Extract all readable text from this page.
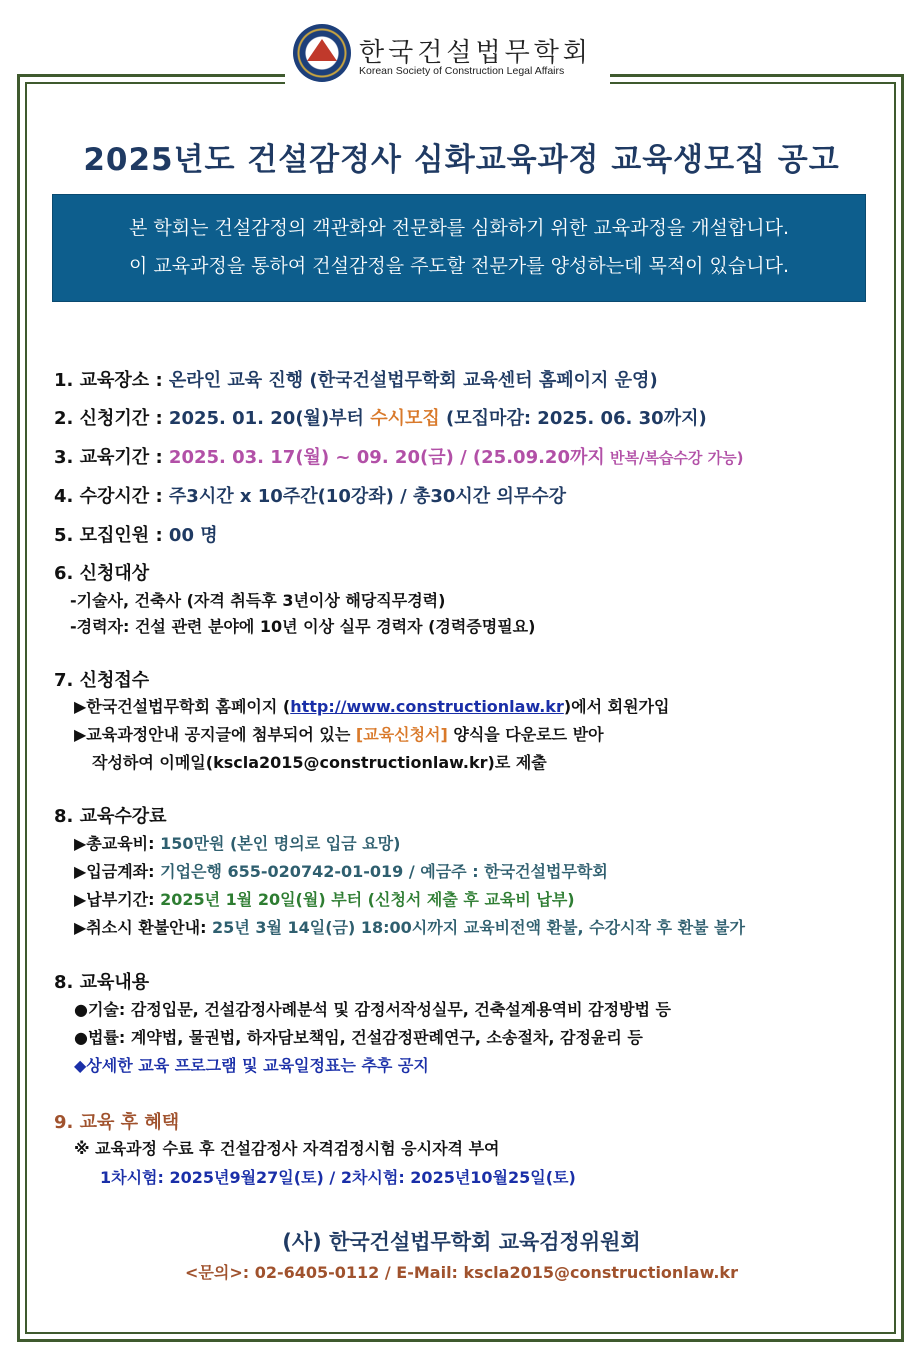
한국건설법무학회
Korean Society of Construction Legal Affairs
2025년도 건설감정사 심화교육과정 교육생모집 공고
본 학회는 건설감정의 객관화와 전문화를 심화하기 위한 교육과정을 개설합니다.
이 교육과정을 통하여 건설감정을 주도할 전문가를 양성하는데 목적이 있습니다.
1. 교육장소 : 온라인 교육 진행 (한국건설법무학회 교육센터 홈페이지 운영)
2. 신청기간 : 2025. 01. 20(월)부터 수시모집 (모집마감: 2025. 06. 30까지)
3. 교육기간 : 2025. 03. 17(월) ~ 09. 20(금) / (25.09.20까지 반복/복습수강 가능)
4. 수강시간 : 주3시간 x 10주간(10강좌) / 총30시간 의무수강
5. 모집인원 : 00 명
6. 신청대상
-기술사, 건축사 (자격 취득후 3년이상 해당직무경력)
-경력자: 건설 관련 분야에 10년 이상 실무 경력자 (경력증명필요)
7. 신청접수
▶한국건설법무학회 홈페이지 (http://www.constructionlaw.kr)에서 회원가입
▶교육과정안내 공지글에 첨부되어 있는 [교육신청서] 양식을 다운로드 받아
작성하여 이메일(kscla2015@constructionlaw.kr)로 제출
8. 교육수강료
▶총교육비: 150만원 (본인 명의로 입금 요망)
▶입금계좌: 기업은행 655-020742-01-019 / 예금주 : 한국건설법무학회
▶납부기간: 2025년 1월 20일(월) 부터 (신청서 제출 후 교육비 납부)
▶취소시 환불안내: 25년 3월 14일(금) 18:00시까지 교육비전액 환불, 수강시작 후 환불 불가
8. 교육내용
●기술: 감정입문, 건설감정사례분석 및 감정서작성실무, 건축설계용역비 감정방법 등
●법률: 계약법, 물권법, 하자담보책임, 건설감정판례연구, 소송절차, 감정윤리 등
◆상세한 교육 프로그램 및 교육일정표는 추후 공지
9. 교육 후 혜택
※ 교육과정 수료 후 건설감정사 자격검정시험 응시자격 부여
1차시험: 2025년9월27일(토) / 2차시험: 2025년10월25일(토)
(사) 한국건설법무학회 교육검정위원회
<문의>: 02-6405-0112 / E-Mail: kscla2015@constructionlaw.kr
